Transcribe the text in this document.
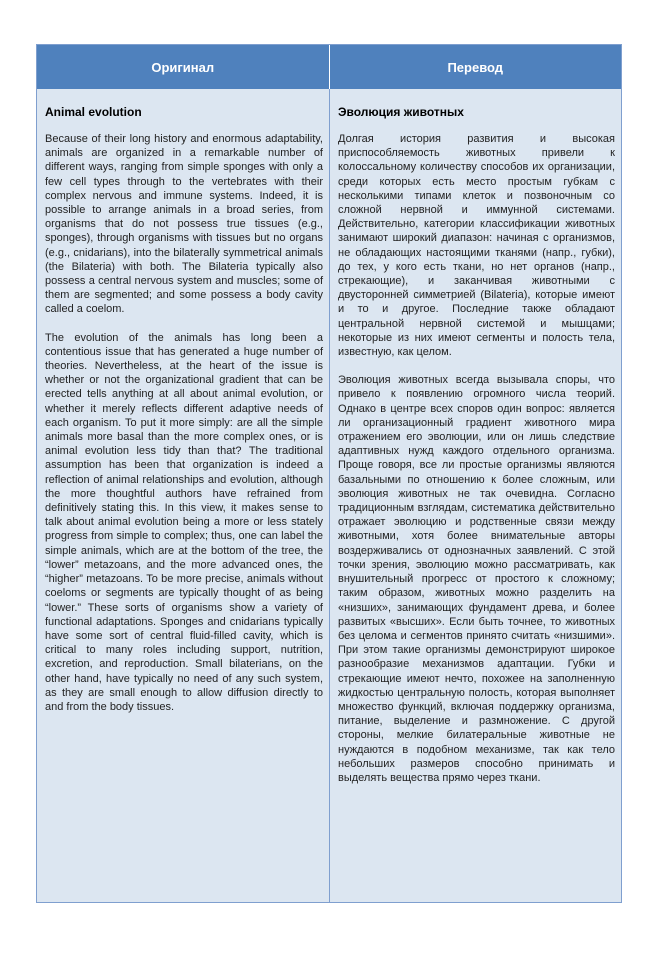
Оригинал	Перевод
Animal evolution

Because of their long history and enormous adaptability, animals are organized in a remarkable number of different ways, ranging from simple sponges with only a few cell types through to the vertebrates with their complex nervous and immune systems. Indeed, it is possible to arrange animals in a broad series, from organisms that do not possess true tissues (e.g., sponges), through organisms with tissues but no organs (e.g., cnidarians), into the bilaterally symmetrical animals (the Bilateria) with both. The Bilateria typically also possess a central nervous system and muscles; some of them are segmented; and some possess a body cavity called a coelom.

The evolution of the animals has long been a contentious issue that has generated a huge number of theories. Nevertheless, at the heart of the issue is whether or not the organizational gradient that can be erected tells anything at all about animal evolution, or whether it merely reflects different adaptive needs of each organism. To put it more simply: are all the simple animals more basal than the more complex ones, or is animal evolution less tidy than that? The traditional assumption has been that organization is indeed a reflection of animal relationships and evolution, although the more thoughtful authors have refrained from definitively stating this. In this view, it makes sense to talk about animal evolution being a more or less stately progress from simple to complex; thus, one can label the simple animals, which are at the bottom of the tree, the “lower” metazoans, and the more advanced ones, the “higher” metazoans. To be more precise, animals without coeloms or segments are typically thought of as being “lower.” These sorts of organisms show a variety of functional adaptations. Sponges and cnidarians typically have some sort of central fluid-filled cavity, which is critical to many roles including support, nutrition, excretion, and reproduction. Small bilaterians, on the other hand, have typically no need of any such system, as they are small enough to allow diffusion directly to and from the body tissues.

Эволюция животных

Долгая история развития и высокая приспособляемость животных привели к колоссальному количеству способов их организации, среди которых есть место простым губкам с несколькими типами клеток и позвоночным со сложной нервной и иммунной системами. Действительно, категории классификации животных занимают широкий диапазон: начиная с организмов, не обладающих настоящими тканями (напр., губки), до тех, у кого есть ткани, но нет органов (напр., стрекающие), и заканчивая животными с двусторонней симметрией (Bilateria), которые имеют и то и другое. Последние также обладают центральной нервной системой и мышцами; некоторые из них имеют сегменты и полость тела, известную, как целом.

Эволюция животных всегда вызывала споры, что привело к появлению огромного числа теорий. Однако в центре всех споров один вопрос: является ли организационный градиент животного мира отражением его эволюции, или он лишь следствие адаптивных нужд каждого отдельного организма. Проще говоря, все ли простые организмы являются базальными по отношению к более сложным, или эволюция животных не так очевидна. Согласно традиционным взглядам, систематика действительно отражает эволюцию и родственные связи между животными, хотя более внимательные авторы воздерживались от однозначных заявлений. С этой точки зрения, эволюцию можно рассматривать, как внушительный прогресс от простого к сложному; таким образом, животных можно разделить на «низших», занимающих фундамент древа, и более развитых «высших». Если быть точнее, то животных без целома и сегментов принято считать «низшими». При этом такие организмы демонстрируют широкое разнообразие механизмов адаптации. Губки и стрекающие имеют нечто, похожее на заполненную жидкостью центральную полость, которая выполняет множество функций, включая поддержку организма, питание, выделение и размножение. С другой стороны, мелкие билатеральные животные не нуждаются в подобном механизме, так как тело небольших размеров способно принимать и выделять вещества прямо через ткани.
